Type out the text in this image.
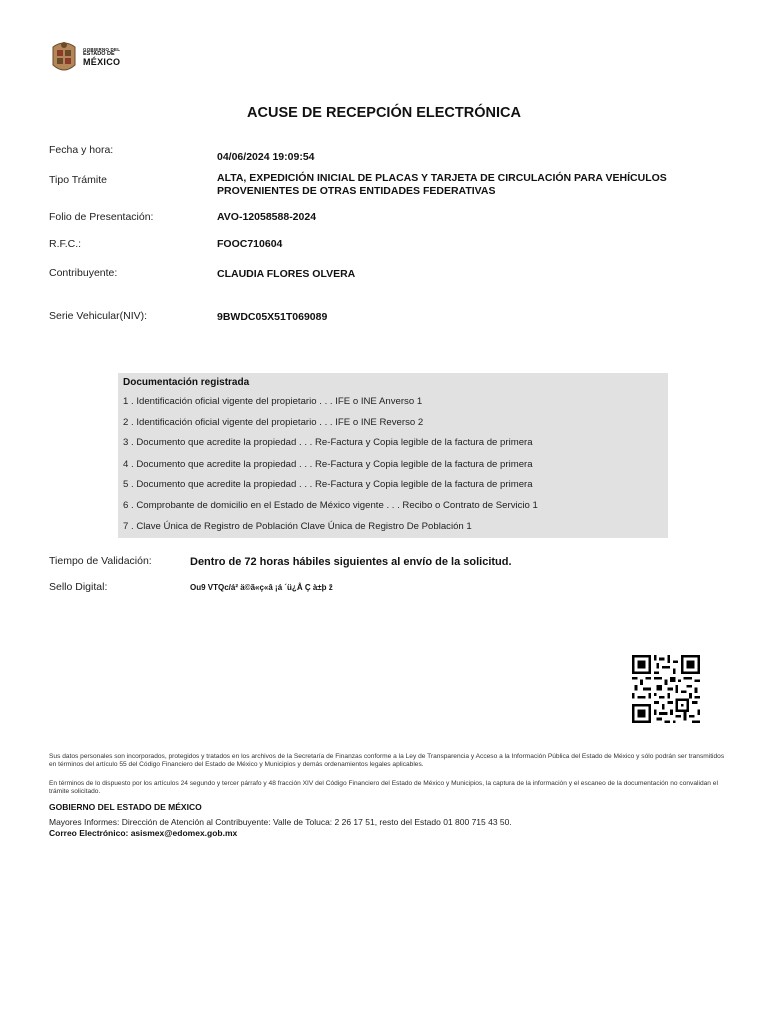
GOBIERNO DEL
ESTADO DE
MÉXICO
ACUSE DE RECEPCIÓN ELECTRÓNICA
Fecha y hora:
04/06/2024 19:09:54
Tipo Trámite	ALTA, EXPEDICIÓN INICIAL DE PLACAS Y TARJETA DE CIRCULACIÓN PARA VEHÍCULOS
PROVENIENTES DE OTRAS ENTIDADES FEDERATIVAS
Folio de Presentación:	AVO-12058588-2024
R.F.C.:	FOOC710604
Contribuyente:	CLAUDIA FLORES OLVERA
Serie Vehicular(NIV):	9BWDC05X51T069089
Documentación registrada
1 . Identificación oficial vigente del propietario . . . IFE o INE Anverso 1
2 . Identificación oficial vigente del propietario . . . IFE o INE Reverso 2
3 . Documento que acredite la propiedad . . . Re-Factura y Copia legible de la factura de primera
4 . Documento que acredite la propiedad . . . Re-Factura y Copia legible de la factura de primera
5 . Documento que acredite la propiedad . . . Re-Factura y Copia legible de la factura de primera
6 . Comprobante de domicilio en el Estado de México vigente . . . Recibo o Contrato de Servicio 1
7 . Clave Única de Registro de Población Clave Única de Registro De Población 1
Tiempo de Validación:	Dentro de 72 horas hábiles siguientes al envío de la solicitud.
Sello Digital:	Ou9 VTQc/á² ä©ã«ç«â ¡á ´ü¿Å Ç à±þ ž
Sus datos personales son incorporados, protegidos y tratados en los archivos de la Secretaría de Finanzas conforme a la Ley de Transparencia y Acceso a la Información Pública del Estado de México y sólo podrán ser transmitidos en términos del artículo 55 del Código Financiero del Estado de México y Municipios y demás ordenamientos legales aplicables.
En términos de lo dispuesto por los artículos 24 segundo y tercer párrafo y 48 fracción XIV del Código Financiero del Estado de México y Municipios, la captura de la información y el escaneo de la documentación no convalidan el trámite solicitado.
GOBIERNO DEL ESTADO DE MÉXICO
Mayores Informes: Dirección de Atención al Contribuyente: Valle de Toluca: 2 26 17 51, resto del Estado 01 800 715 43 50.
Correo Electrónico: asismex@edomex.gob.mx
